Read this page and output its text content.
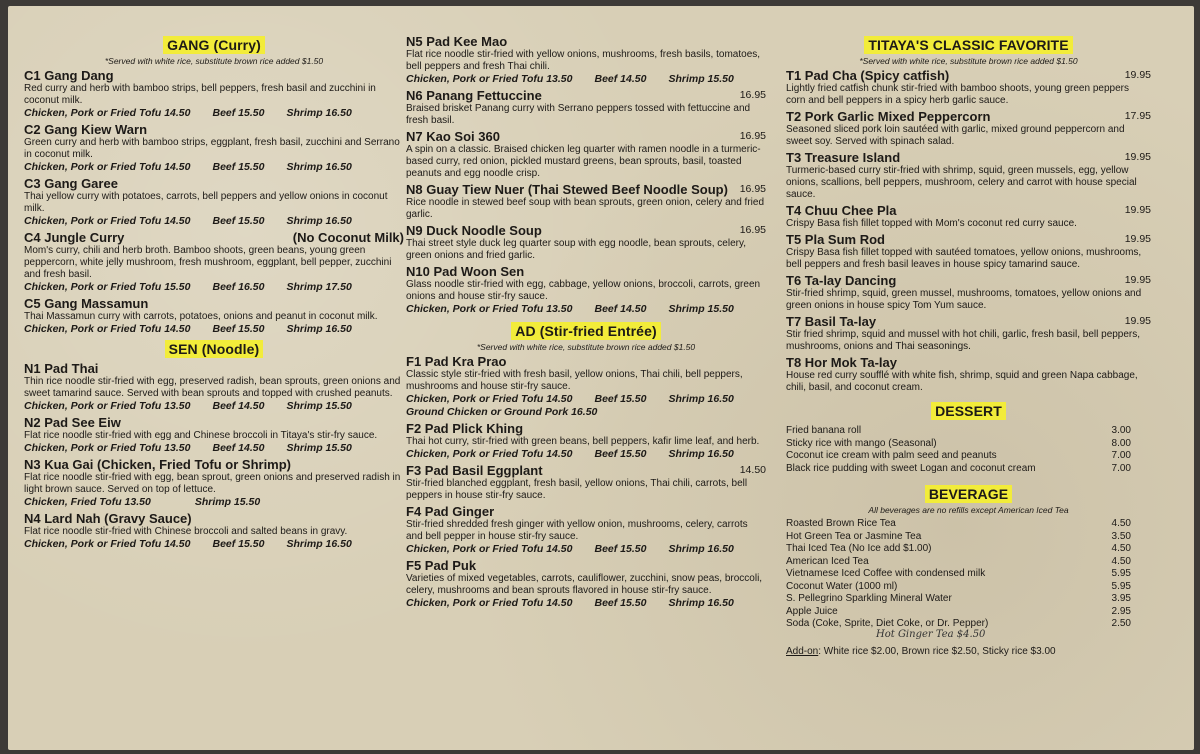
GANG (Curry)
*Served with white rice, substitute brown rice added $1.50
C1 Gang Dang
Red curry and herb with bamboo strips, bell peppers, fresh basil and zucchini in coconut milk.
Chicken, Pork or Fried Tofu 14.50 Beef 15.50 Shrimp 16.50
C2 Gang Kiew Warn
Green curry and herb with bamboo strips, eggplant, fresh basil, zucchini and Serrano in coconut milk.
Chicken, Pork or Fried Tofu 14.50 Beef 15.50 Shrimp 16.50
C3 Gang Garee
Thai yellow curry with potatoes, carrots, bell peppers and yellow onions in coconut milk.
Chicken, Pork or Fried Tofu 14.50 Beef 15.50 Shrimp 16.50
C4 Jungle Curry	(No Coconut Milk)
Mom's curry, chili and herb broth. Bamboo shoots, green beans, young green peppercorn, white jelly mushroom, fresh mushroom, eggplant, bell pepper, zucchini and fresh basil.
Chicken, Pork or Fried Tofu 15.50 Beef 16.50 Shrimp 17.50
C5 Gang Massamun
Thai Massamun curry with carrots, potatoes, onions and peanut in coconut milk.
Chicken, Pork or Fried Tofu 14.50 Beef 15.50 Shrimp 16.50
SEN (Noodle)
N1 Pad Thai
Thin rice noodle stir-fried with egg, preserved radish, bean sprouts, green onions and sweet tamarind sauce. Served with bean sprouts and topped with crushed peanuts.
Chicken, Pork or Fried Tofu 13.50 Beef 14.50 Shrimp 15.50
N2 Pad See Eiw
Flat rice noodle stir-fried with egg and Chinese broccoli in Titaya's stir-fry sauce.
Chicken, Pork or Fried Tofu 13.50 Beef 14.50 Shrimp 15.50
N3 Kua Gai (Chicken, Fried Tofu or Shrimp)
Flat rice noodle stir-fried with egg, bean sprout, green onions and preserved radish in light brown sauce. Served on top of lettuce.
Chicken, Fried Tofu 13.50	Shrimp 15.50
N4 Lard Nah (Gravy Sauce)
Flat rice noodle stir-fried with Chinese broccoli and salted beans in gravy.
Chicken, Pork or Fried Tofu 14.50 Beef 15.50 Shrimp 16.50
N5 Pad Kee Mao
Flat rice noodle stir-fried with yellow onions, mushrooms, fresh basils, tomatoes, bell peppers and fresh Thai chili.
Chicken, Pork or Fried Tofu 13.50 Beef 14.50 Shrimp 15.50
N6 Panang Fettuccine	16.95
Braised brisket Panang curry with Serrano peppers tossed with fettuccine and fresh basil.
N7 Kao Soi 360	16.95
A spin on a classic. Braised chicken leg quarter with ramen noodle in a turmeric-based curry, red onion, pickled mustard greens, bean sprouts, basil, toasted peanuts and egg noodle crisp.
N8 Guay Tiew Nuer (Thai Stewed Beef Noodle Soup) 16.95
Rice noodle in stewed beef soup with bean sprouts, green onion, celery and fried garlic.
N9 Duck Noodle Soup	16.95
Thai street style duck leg quarter soup with egg noodle, bean sprouts, celery, green onions and fried garlic.
N10 Pad Woon Sen
Glass noodle stir-fried with egg, cabbage, yellow onions, broccoli, carrots, green onions and house stir-fry sauce.
Chicken, Pork or Fried Tofu 13.50 Beef 14.50 Shrimp 15.50
AD (Stir-fried Entrée)
*Served with white rice, substitute brown rice added $1.50
F1 Pad Kra Prao
Classic style stir-fried with fresh basil, yellow onions, Thai chili, bell peppers, mushrooms and house stir-fry sauce.
Chicken, Pork or Fried Tofu 14.50 Beef 15.50 Shrimp 16.50
Ground Chicken or Ground Pork 16.50
F2 Pad Plick Khing
Thai hot curry, stir-fried with green beans, bell peppers, kafir lime leaf, and herb.
Chicken, Pork or Fried Tofu 14.50 Beef 15.50 Shrimp 16.50
F3 Pad Basil Eggplant	14.50
Stir-fried blanched eggplant, fresh basil, yellow onions, Thai chili, carrots, bell peppers in house stir-fry sauce.
F4 Pad Ginger
Stir-fried shredded fresh ginger with yellow onion, mushrooms, celery, carrots and bell pepper in house stir-fry sauce.
Chicken, Pork or Fried Tofu 14.50 Beef 15.50 Shrimp 16.50
F5 Pad Puk
Varieties of mixed vegetables, carrots, cauliflower, zucchini, snow peas, broccoli, celery, mushrooms and bean sprouts flavored in house stir-fry sauce.
Chicken, Pork or Fried Tofu 14.50 Beef 15.50 Shrimp 16.50
TITAYA'S CLASSIC FAVORITE
*Served with white rice, substitute brown rice added $1.50
T1 Pad Cha (Spicy catfish)	19.95
Lightly fried catfish chunk stir-fried with bamboo shoots, young green peppers corn and bell peppers in a spicy herb garlic sauce.
T2 Pork Garlic Mixed Peppercorn	17.95
Seasoned sliced pork loin sautéed with garlic, mixed ground peppercorn and sweet soy. Served with spinach salad.
T3 Treasure Island	19.95
Turmeric-based curry stir-fried with shrimp, squid, green mussels, egg, yellow onions, scallions, bell peppers, mushroom, celery and carrot with house special sauce.
T4 Chuu Chee Pla	19.95
Crispy Basa fish fillet topped with Mom's coconut red curry sauce.
T5 Pla Sum Rod	19.95
Crispy Basa fish fillet topped with sautéed tomatoes, yellow onions, mushrooms, bell peppers and fresh basil leaves in house spicy tamarind sauce.
T6 Ta-lay Dancing	19.95
Stir-fried shrimp, squid, green mussel, mushrooms, tomatoes, yellow onions and green onions in house spicy Tom Yum sauce.
T7 Basil Ta-lay	19.95
Stir fried shrimp, squid and mussel with hot chili, garlic, fresh basil, bell peppers, mushrooms, onions and Thai seasonings.
T8 Hor Mok Ta-lay
House red curry soufflé with white fish, shrimp, squid and green Napa cabbage, chili, basil, and coconut cream.
DESSERT
Fried banana roll	3.00
Sticky rice with mango (Seasonal)	8.00
Coconut ice cream with palm seed and peanuts	7.00
Black rice pudding with sweet Logan and coconut cream	7.00
BEVERAGE
All beverages are no refills except American Iced Tea
Roasted Brown Rice Tea	4.50
Hot Green Tea or Jasmine Tea	3.50
Thai Iced Tea (No Ice add $1.00)	4.50
American Iced Tea	4.50
Vietnamese Iced Coffee with condensed milk	5.95
Coconut Water (1000 ml)	5.95
S. Pellegrino Sparkling Mineral Water	3.95
Apple Juice	2.95
Soda (Coke, Sprite, Diet Coke, or Dr. Pepper)	2.50
Hot Ginger Tea $4.50
Add-on: White rice $2.00, Brown rice $2.50, Sticky rice $3.00
